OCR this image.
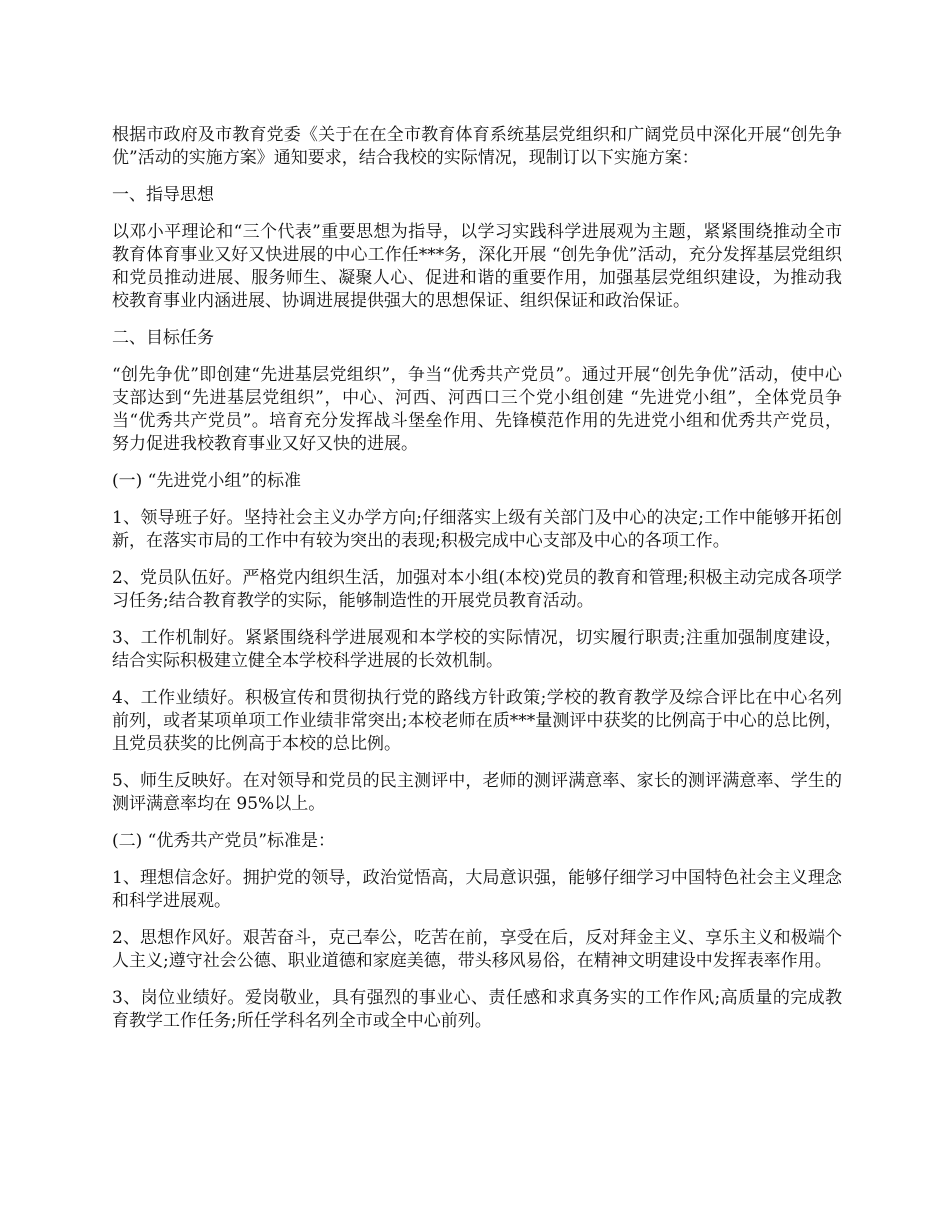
根据市政府及市教育党委《关于在在全市教育体育系统基层党组织和广阔党员中深化开展“创先争优”活动的实施方案》通知要求，结合我校的实际情况，现制订以下实施方案：

一、指导思想

以邓小平理论和“三个代表”重要思想为指导，以学习实践科学进展观为主题，紧紧围绕推动全市教育体育事业又好又快进展的中心工作任***务，深化开展 “创先争优”活动，充分发挥基层党组织和党员推动进展、服务师生、凝聚人心、促进和谐的重要作用，加强基层党组织建设，为推动我校教育事业内涵进展、协调进展提供强大的思想保证、组织保证和政治保证。

二、目标任务

“创先争优”即创建“先进基层党组织”，争当“优秀共产党员”。通过开展“创先争优”活动，使中心支部达到“先进基层党组织”，中心、河西、河西口三个党小组创建 “先进党小组”，全体党员争当“优秀共产党员”。培育充分发挥战斗堡垒作用、先锋模范作用的先进党小组和优秀共产党员，努力促进我校教育事业又好又快的进展。

(一) “先进党小组”的标准

1、领导班子好。坚持社会主义办学方向;仔细落实上级有关部门及中心的决定;工作中能够开拓创新，在落实市局的工作中有较为突出的表现;积极完成中心支部及中心的各项工作。

2、党员队伍好。严格党内组织生活，加强对本小组(本校)党员的教育和管理;积极主动完成各项学习任务;结合教育教学的实际，能够制造性的开展党员教育活动。

3、工作机制好。紧紧围绕科学进展观和本学校的实际情况，切实履行职责;注重加强制度建设，结合实际积极建立健全本学校科学进展的长效机制。

4、工作业绩好。积极宣传和贯彻执行党的路线方针政策;学校的教育教学及综合评比在中心名列前列，或者某项单项工作业绩非常突出;本校老师在质***量测评中获奖的比例高于中心的总比例，且党员获奖的比例高于本校的总比例。

5、师生反映好。在对领导和党员的民主测评中，老师的测评满意率、家长的测评满意率、学生的测评满意率均在 95%以上。

(二) “优秀共产党员”标准是：

1、理想信念好。拥护党的领导，政治觉悟高，大局意识强，能够仔细学习中国特色社会主义理念和科学进展观。

2、思想作风好。艰苦奋斗，克己奉公，吃苦在前，享受在后，反对拜金主义、享乐主义和极端个人主义;遵守社会公德、职业道德和家庭美德，带头移风易俗，在精神文明建设中发挥表率作用。

3、岗位业绩好。爱岗敬业，具有强烈的事业心、责任感和求真务实的工作作风;高质量的完成教育教学工作任务;所任学科名列全市或全中心前列。
